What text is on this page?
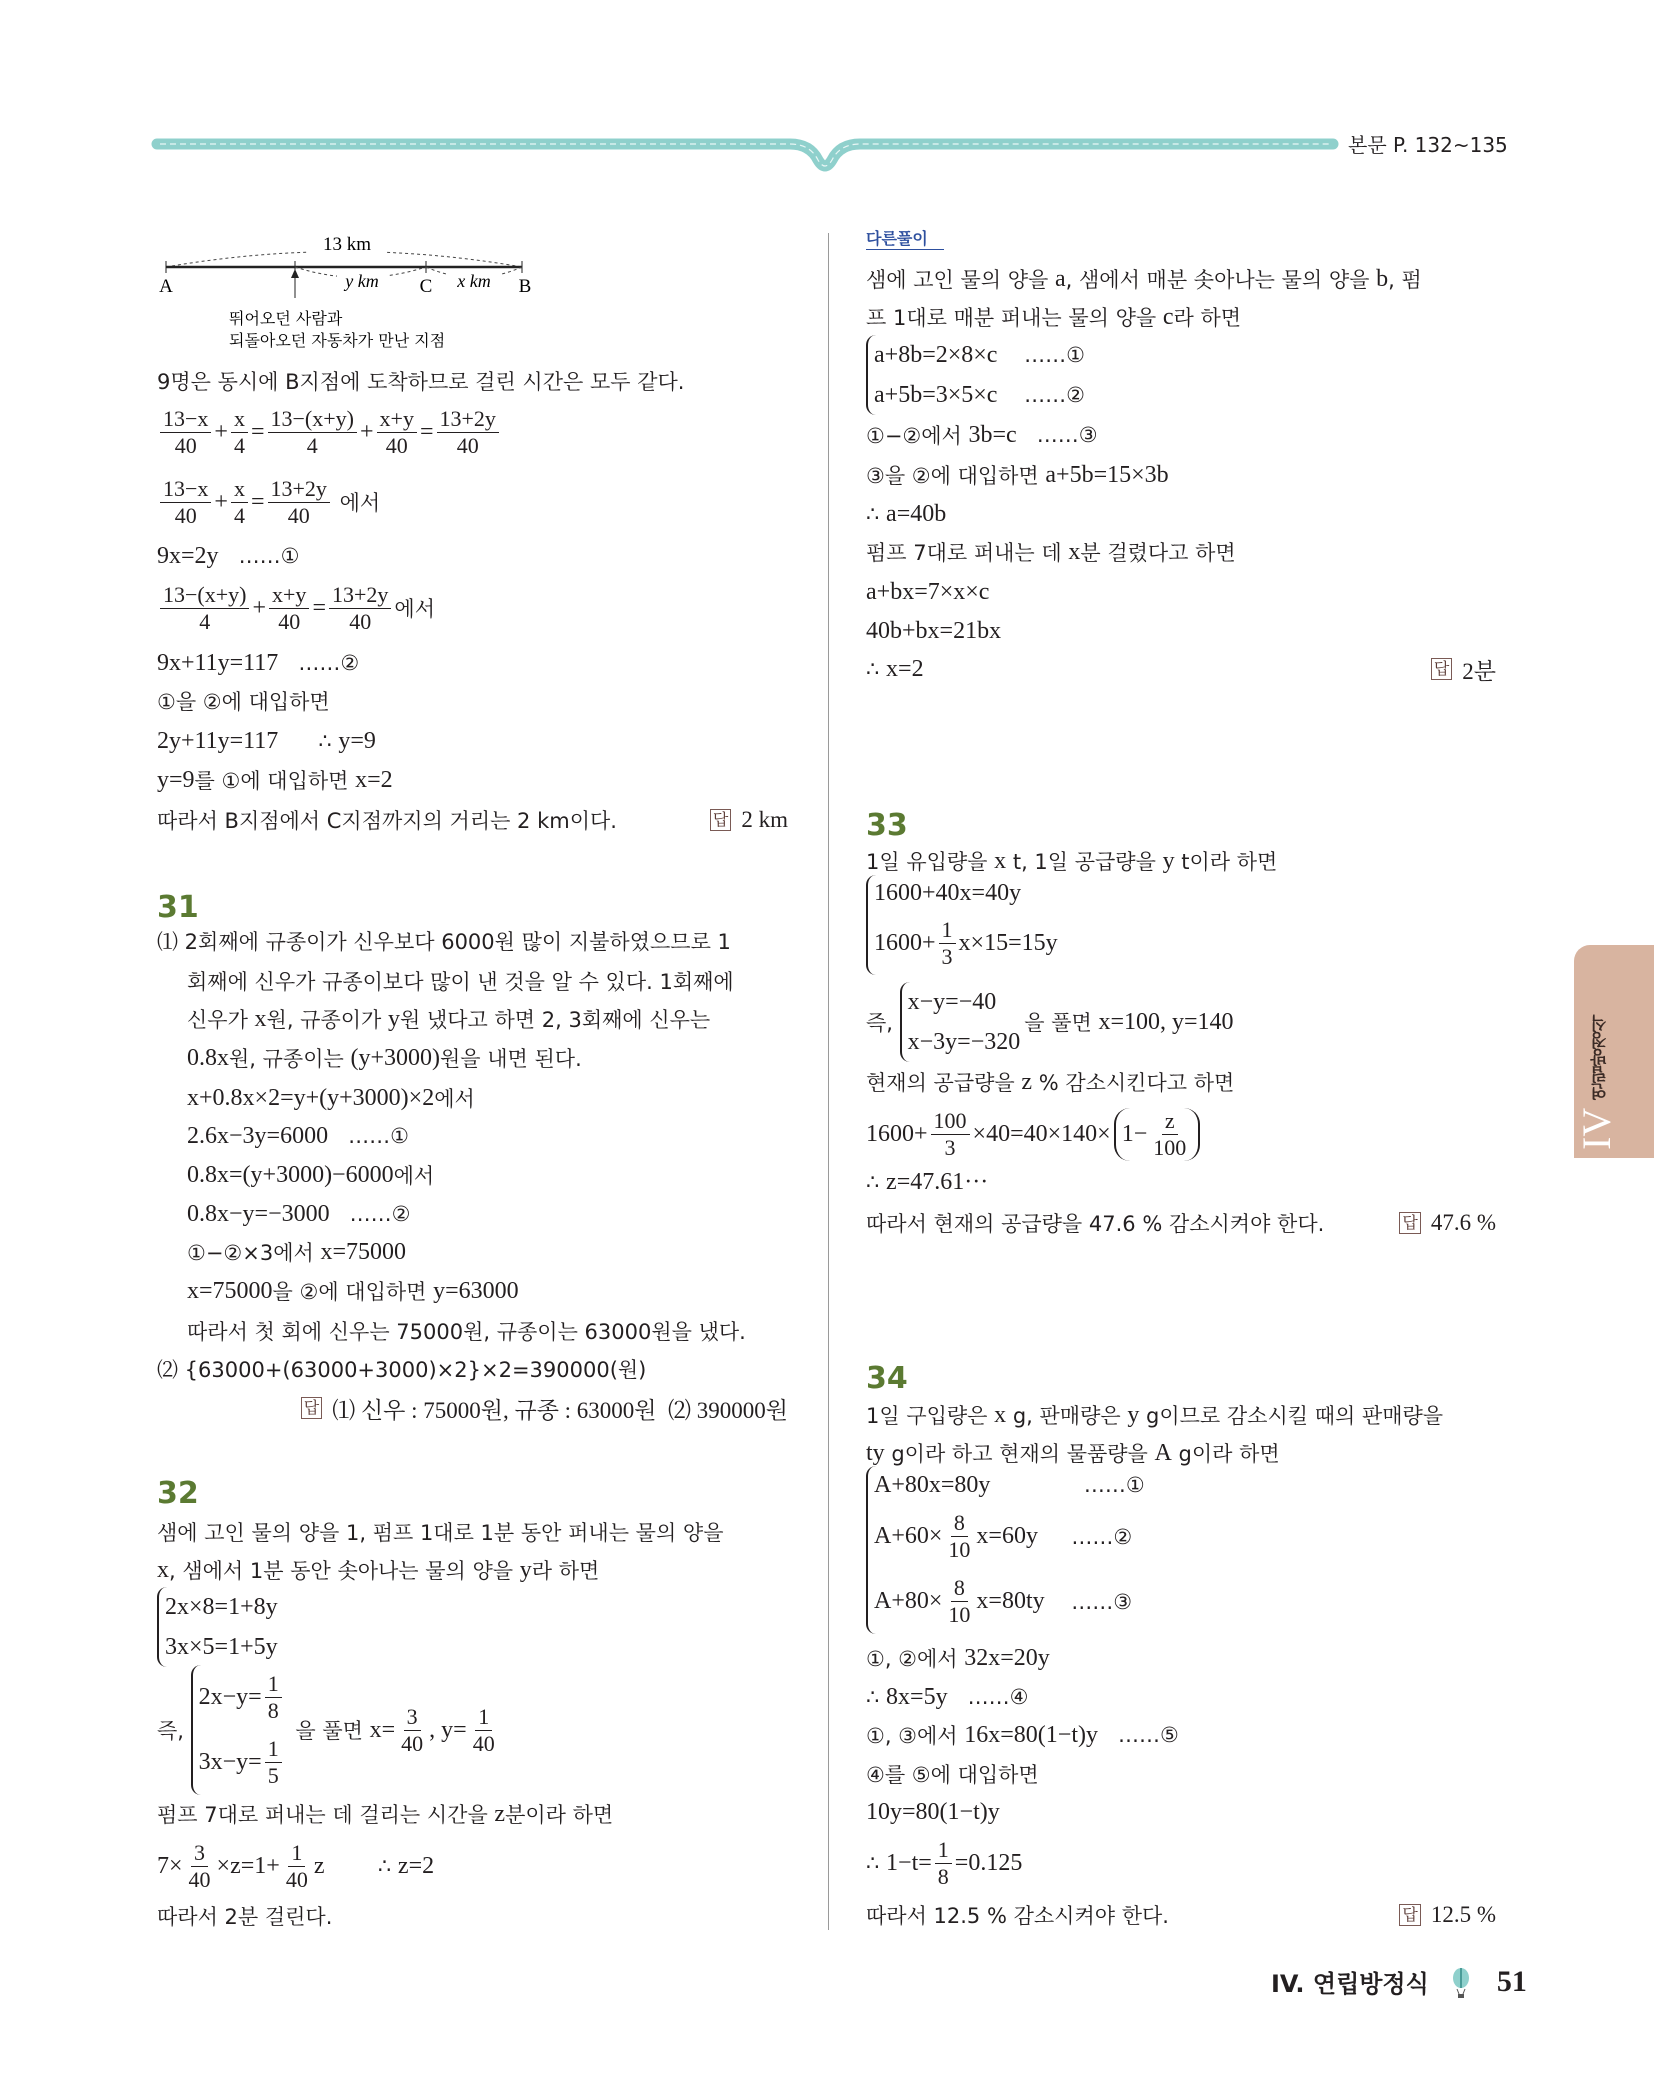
본문 P. 132~135
13 km
y km	x km
A	C	B
뛰어오던 사람과
되돌아오던 자동차가 만난 지점
9명은 동시에 B지점에 도착하므로 걸린 시간은 모두 같다.
$\frac{13-x}{40} + \frac{x}{4} = \frac{13-(x+y)}{4} + \frac{x+y}{40} = \frac{13+2y}{40}$
$\frac{13-x}{40} + \frac{x}{4} = \frac{13+2y}{40}$ 에서
9x=2y ……①
$\frac{13-(x+y)}{4} + \frac{x+y}{40} = \frac{13+2y}{40}$ 에서
9x+11y=117 ……②
①을 ②에 대입하면
2y+11y=117 ∴ y=9
y=9 를 ①에 대입하면 x=2
따라서 B지점에서 C지점까지의 거리는 2 km이다.	답 2 km
31
⑴ 2회째에 규종이가 신우보다 6000원 많이 지불하였으므로 1
회째에 신우가 규종이보다 많이 낸 것을 알 수 있다. 1회째에
신우가 x 원, 규종이가 y 원 냈다고 하면 2, 3회째에 신우는
0.8x 원, 규종이는 (y+3000) 원을 내면 된다.
x+0.8x×2=y+(y+3000)×2 에서
2.6x−3y=6000 ……①
0.8x=(y+3000)−6000 에서
0.8x−y=−3000 ……②
①−②×3에서 x=75000
x=75000 을 ②에 대입하면 y=63000
따라서 첫 회에 신우는 75000원, 규종이는 63000원을 냈다.
⑵ {63000+(63000+3000)×2}×2=390000(원)
답 ⑴ 신우 : 75000원, 규종 : 63000원  ⑵ 390000원
32
샘에 고인 물의 양을 1, 펌프 1대로 1분 동안 퍼내는 물의 양을
x , 샘에서 1분 동안 솟아나는 물의 양을 y 라 하면
2x×8=1+8y
3x×5=1+5y
즉,
$2x-y= \frac{1}{8}$
$3x-y= \frac{1}{5}$
을 풀면 $x= \frac{3}{40}$ , $y= \frac{1}{40}$
펌프 7대로 퍼내는 데 걸리는 시간을 z 분이라 하면
$7\times \frac{3}{40} \times z=1+ \frac{1}{40}$ z ∴ z=2
따라서 2분 걸린다.
다른풀이
샘에 고인 물의 양을 a , 샘에서 매분 솟아나는 물의 양을 b , 펌
프 1대로 매분 퍼내는 물의 양을 c 라 하면
a+8b=2×8×c ……①
a+5b=3×5×c ……②
①−②에서 3b=c ……③
③을 ②에 대입하면 a+5b=15×3b
∴ a=40b
펌프 7대로 퍼내는 데 x 분 걸렸다고 하면
a+bx=7×x×c
40b+bx=21bx
∴ x=2	답 2분
33
1일 유입량을 x t, 1일 공급량을 y t이라 하면
1600+40x=40y
$1600+ \frac{1}{3} x\times 15=15y$
즉,
x−y=−40
x−3y=−320
을 풀면 x=100, y=140
현재의 공급량을 z % 감소시킨다고 하면
$1600+ \frac{100}{3} \times 40=40\times 140\times 1- \frac{z}{100}$
∴ z=47.61···
따라서 현재의 공급량을 47.6 % 감소시켜야 한다.	답 47.6 %
34
1일 구입량은 x g, 판매량은 y g이므로 감소시킬 때의 판매량을
ty g이라 하고 현재의 물품량을 A g이라 하면
A+80x=80y ……①
$A+60\times \frac{8}{10} x=60y$ ……②
$A+80\times \frac{8}{10} x=80ty$ ……③
①, ②에서 32x=20y
∴ 8x=5y ……④
①, ③에서 16x=80(1−t)y ……⑤
④를 ⑤에 대입하면
10y=80(1−t)y
∴ $1-t= \frac{1}{8} =0.125$
따라서 12.5 % 감소시켜야 한다.	답 12.5 %
연립방정식
IV
IV. 연립방정식 51
